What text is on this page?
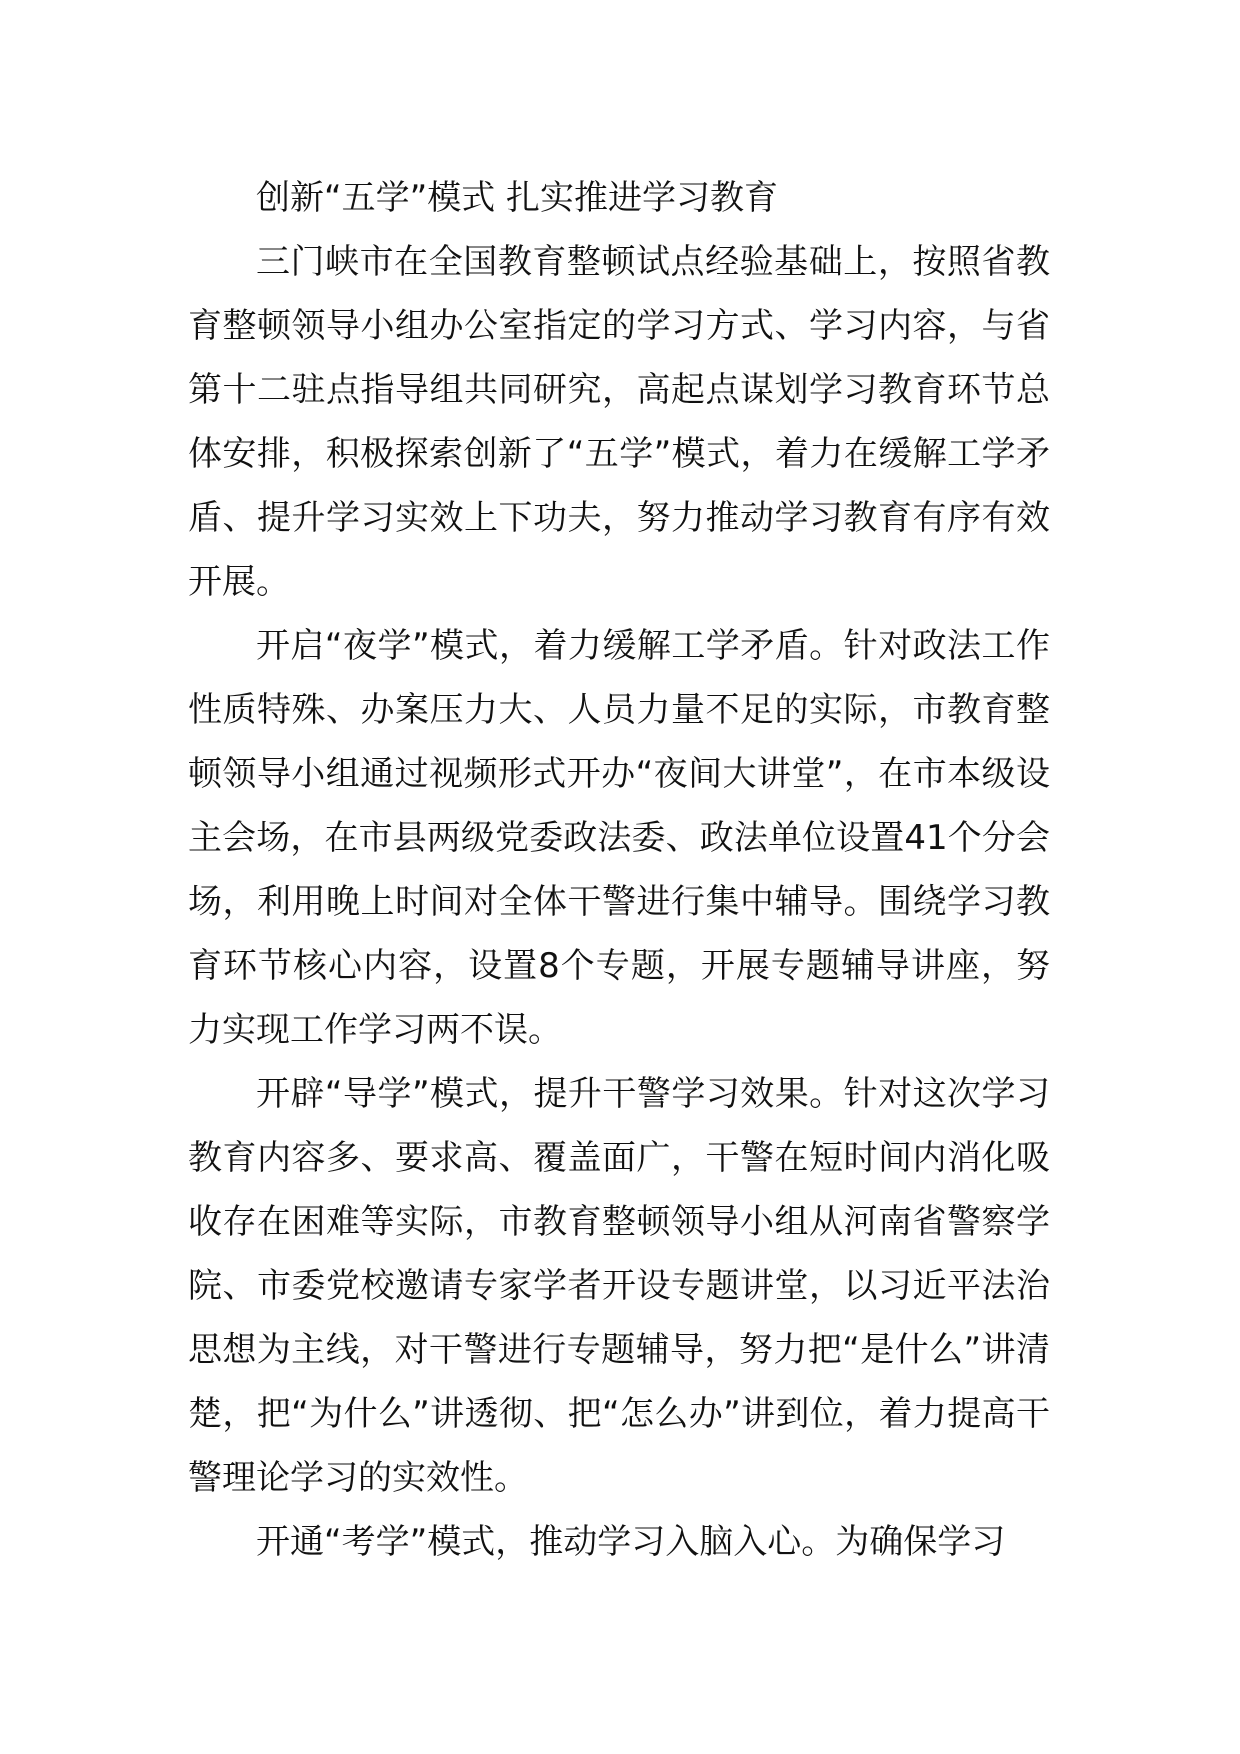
创新“五学”模式 扎实推进学习教育

三门峡市在全国教育整顿试点经验基础上，按照省教育整顿领导小组办公室指定的学习方式、学习内容，与省第十二驻点指导组共同研究，高起点谋划学习教育环节总体安排，积极探索创新了“五学”模式，着力在缓解工学矛盾、提升学习实效上下功夫，努力推动学习教育有序有效开展。

开启“夜学”模式，着力缓解工学矛盾。针对政法工作性质特殊、办案压力大、人员力量不足的实际，市教育整顿领导小组通过视频形式开办“夜间大讲堂”，在市本级设主会场，在市县两级党委政法委、政法单位设置41个分会场，利用晚上时间对全体干警进行集中辅导。围绕学习教育环节核心内容，设置8个专题，开展专题辅导讲座，努力实现工作学习两不误。

开辟“导学”模式，提升干警学习效果。针对这次学习教育内容多、要求高、覆盖面广，干警在短时间内消化吸收存在困难等实际，市教育整顿领导小组从河南省警察学院、市委党校邀请专家学者开设专题讲堂，以习近平法治思想为主线，对干警进行专题辅导，努力把“是什么”讲清楚，把“为什么”讲透彻、把“怎么办”讲到位，着力提高干警理论学习的实效性。

开通“考学”模式，推动学习入脑入心。为确保学习
